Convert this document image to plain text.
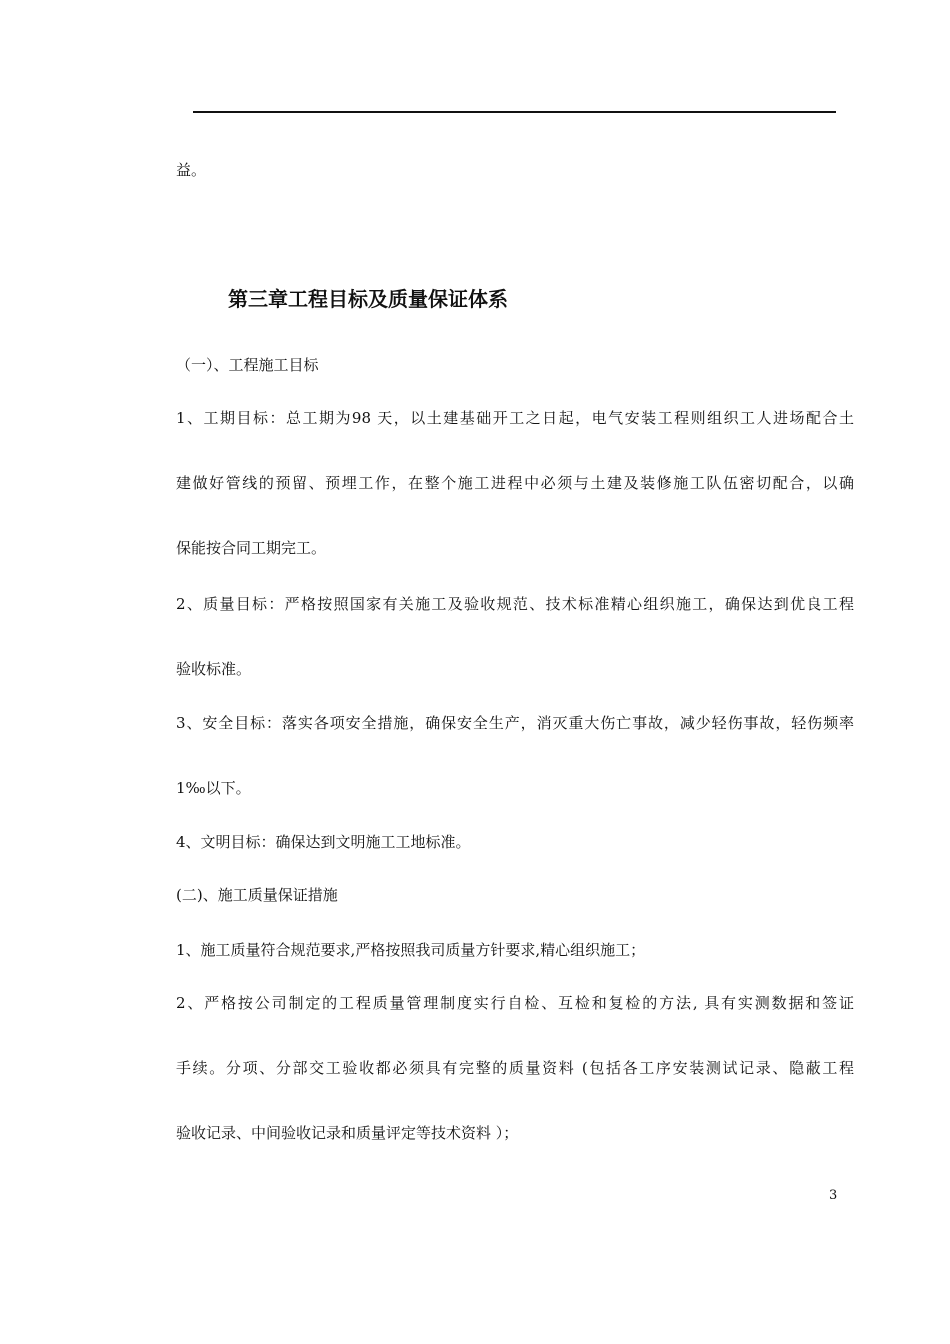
益。
第三章工程目标及质量保证体系
（一）、工程施工目标
1、工期目标：总工期为98 天，以土建基础开工之日起，电气安装工程则组织工人进场配合土
建做好管线的预留、预埋工作，在整个施工进程中必须与土建及装修施工队伍密切配合，以确
保能按合同工期完工。
2、质量目标：严格按照国家有关施工及验收规范、技术标准精心组织施工，确保达到优良工程
验收标准。
3、安全目标：落实各项安全措施，确保安全生产，消灭重大伤亡事故，减少轻伤事故，轻伤频率
1‰以下。
4、文明目标：确保达到文明施工工地标准。
(二)、施工质量保证措施
1、施工质量符合规范要求,严格按照我司质量方针要求,精心组织施工；
2、严格按公司制定的工程质量管理制度实行自检、互检和复检的方法, 具有实测数据和签证
手续。分项、分部交工验收都必须具有完整的质量资料 (包括各工序安装测试记录、隐蔽工程
验收记录、中间验收记录和质量评定等技术资料 ）；
3
